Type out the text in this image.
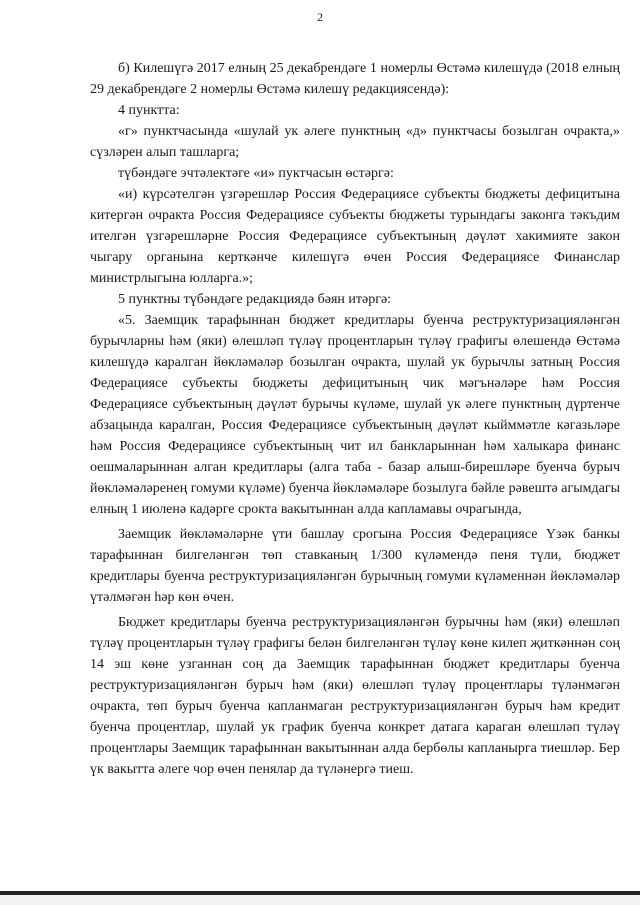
2

б) Килешүгә 2017 елның 25 декабрендәге 1 номерлы Өстәмә килешүдә (2018 елның 29 декабрендәге 2 номерлы Өстәмә килешү редакциясендә):

4 пунктта:

«г» пунктчасында «шулай ук әлеге пунктның «д» пунктчасы бозылган очракта,» сүзләрен алып ташларга;

түбәндәге эчтәлектәге «и» пуктчасын өстәргә:

«и) күрсәтелгән үзгәрешләр Россия Федерациясе субъекты бюджеты дефицитына китергән очракта Россия Федерациясе субъекты бюджеты турындагы законга тәкъдим ителгән үзгәрешләрне Россия Федерациясе субъектының дәүләт хакимияте закон чыгару органына керткәнче килешүгә өчен Россия Федерациясе Финанслар министрлыгына юлларга.»;

5 пунктны түбәндәге редакциядә бәян итәргә:

«5. Заемщик тарафыннан бюджет кредитлары буенча реструктуризацияләнгән бурычларны һәм (яки) өлешләп түләү процентларын түләү графигы өлешендә Өстәмә килешүдә каралган йөкләмәләр бозылган очракта, шулай ук бурычлы затның Россия Федерациясе субъекты бюджеты дефицитының чик мәгънәләре һәм Россия Федерациясе субъектының дәүләт бурычы күләме, шулай ук әлеге пунктның дүртенче абзацында каралган, Россия Федерациясе субъектының дәүләт кыйммәтле кәгазьләре һәм Россия Федерациясе субъектының чит ил банкларыннан һәм халыкара финанс оешмаларыннан алган кредитлары (алга таба - базар алыш-бирешләре буенча бурыч йөкләмәләренең гомуми күләме) буенча йөкләмәләре бозылуга бәйле рәвештә агымдагы елның 1 июленә кадәрге срокта вакытыннан алда капламавы очрагында,

Заемщик йөкләмәләрне үти башлау срогына Россия Федерациясе Үзәк банкы тарафыннан билгеләнгән төп ставканың 1/300 күләмендә пеня түли, бюджет кредитлары буенча реструктуризацияләнгән бурычның гомуми күләменнән йөкләмәләр үтәлмәгән һәр көн өчен.

Бюджет кредитлары буенча реструктуризацияләнгән бурычны һәм (яки) өлешләп түләү процентларын түләү графигы белән билгеләнгән түләү көне килеп җиткәннән соң 14 эш көне узганнан соң да Заемщик тарафыннан бюджет кредитлары буенча реструктуризацияләнгән бурыч һәм (яки) өлешләп түләү процентлары түләнмәгән очракта, төп бурыч буенча капланмаган реструктуризацияләнгән бурыч һәм кредит буенча процентлар, шулай ук график буенча конкрет датага караган өлешләп түләү процентлары Заемщик тарафыннан вакытыннан алда бербөлы капланырга тиешләр. Бер үк вакытта әлеге чор өчен пенялар да түләнергә тиеш.
